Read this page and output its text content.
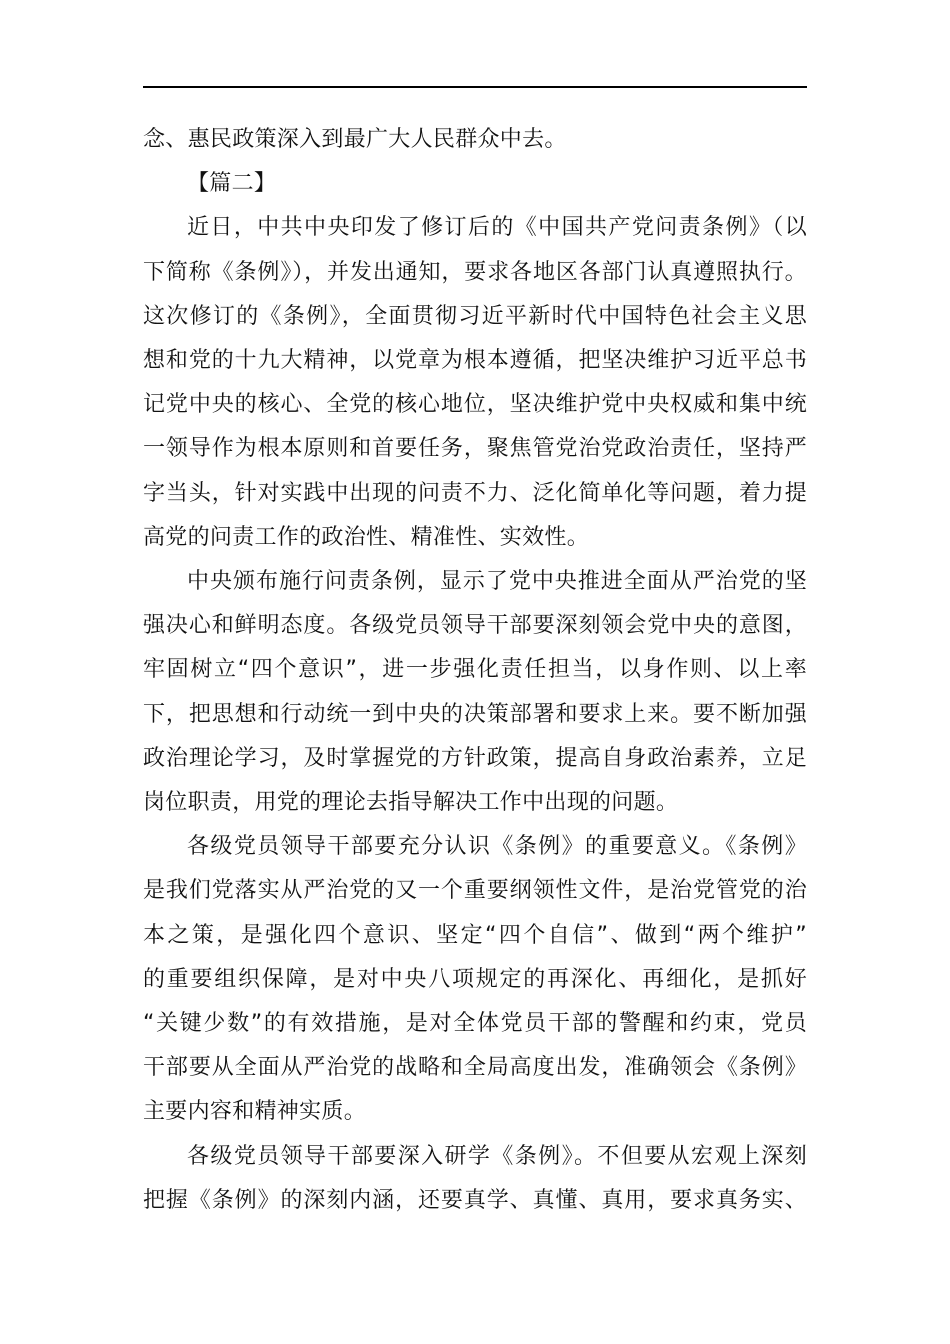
念、惠民政策深入到最广大人民群众中去。
【篇二】
近日，中共中央印发了修订后的《中国共产党问责条例》（以
下简称《条例》），并发出通知，要求各地区各部门认真遵照执行。
这次修订的《条例》，全面贯彻习近平新时代中国特色社会主义思
想和党的十九大精神，以党章为根本遵循，把坚决维护习近平总书
记党中央的核心、全党的核心地位，坚决维护党中央权威和集中统
一领导作为根本原则和首要任务，聚焦管党治党政治责任，坚持严
字当头，针对实践中出现的问责不力、泛化简单化等问题，着力提
高党的问责工作的政治性、精准性、实效性。
中央颁布施行问责条例，显示了党中央推进全面从严治党的坚
强决心和鲜明态度。各级党员领导干部要深刻领会党中央的意图，
牢固树立“四个意识”，进一步强化责任担当，以身作则、以上率
下，把思想和行动统一到中央的决策部署和要求上来。要不断加强
政治理论学习，及时掌握党的方针政策，提高自身政治素养，立足
岗位职责，用党的理论去指导解决工作中出现的问题。
各级党员领导干部要充分认识《条例》的重要意义。《条例》
是我们党落实从严治党的又一个重要纲领性文件，是治党管党的治
本之策，是强化四个意识、坚定“四个自信”、做到“两个维护”
的重要组织保障，是对中央八项规定的再深化、再细化，是抓好
“关键少数”的有效措施，是对全体党员干部的警醒和约束，党员
干部要从全面从严治党的战略和全局高度出发，准确领会《条例》
主要内容和精神实质。
各级党员领导干部要深入研学《条例》。不但要从宏观上深刻
把握《条例》的深刻内涵，还要真学、真懂、真用，要求真务实、
